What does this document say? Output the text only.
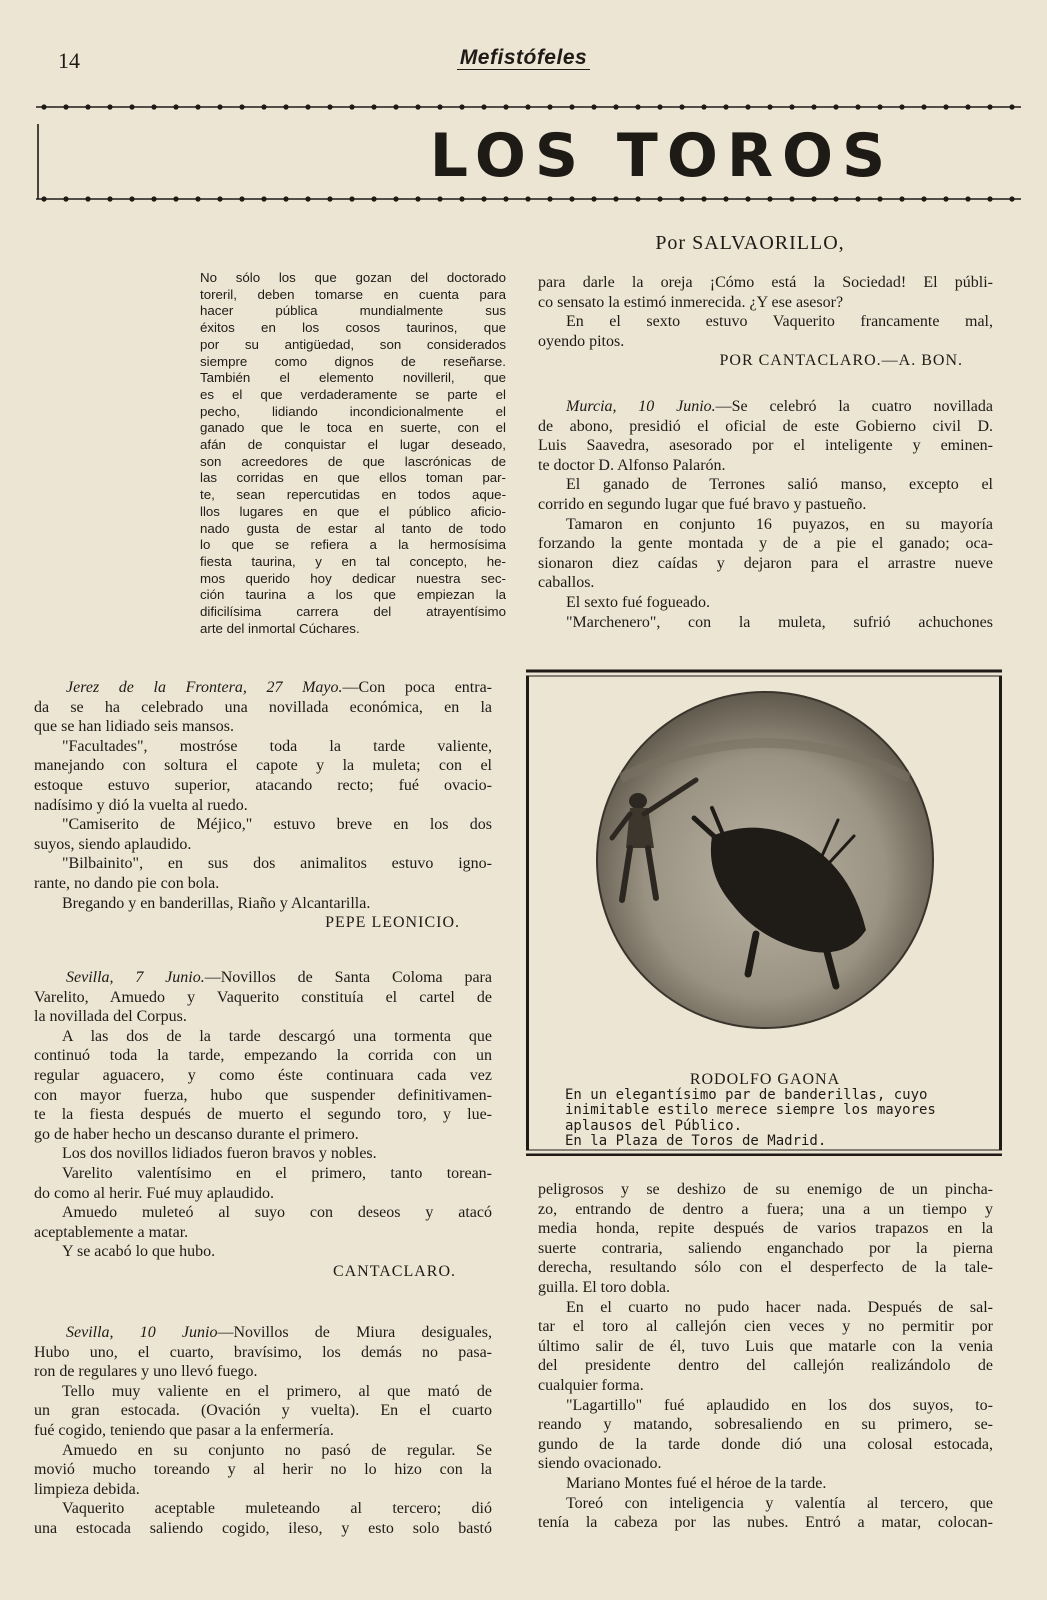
14	Mefistófeles
LOS TOROS
Por SALVAORILLO,
No sólo los que gozan del doctorado
toreril, deben tomarse en cuenta para
hacer pública mundialmente sus
éxitos en los cosos taurinos, que
por su antigüedad, son considerados
siempre como dignos de reseñarse.
También el elemento novilleril, que
es el que verdaderamente se parte el
pecho, lidiando incondicionalmente el
ganado que le toca en suerte, con el
afán de conquistar el lugar deseado,
son acreedores de que lascrónicas de
las corridas en que ellos toman par-
te, sean repercutidas en todos aque-
llos lugares en que el público aficio-
nado gusta de estar al tanto de todo
lo que se refiera a la hermosísima
fiesta taurina, y en tal concepto, he-
mos querido hoy dedicar nuestra sec-
ción taurina a los que empiezan la
dificilísima carrera del atrayentísimo
arte del inmortal Cúchares.
Jerez de la Frontera, 27 Mayo.—Con poca entra-
da se ha celebrado una novillada económica, en la
que se han lidiado seis mansos.
"Facultades", mostróse toda la tarde valiente,
manejando con soltura el capote y la muleta; con el
estoque estuvo superior, atacando recto; fué ovacio-
nadísimo y dió la vuelta al ruedo.
"Camiserito de Méjico," estuvo breve en los dos
suyos, siendo aplaudido.
"Bilbainito", en sus dos animalitos estuvo igno-
rante, no dando pie con bola.
Bregando y en banderillas, Riaño y Alcantarilla.
PEPE LEONICIO.
Sevilla, 7 Junio.—Novillos de Santa Coloma para
Varelito, Amuedo y Vaquerito constituía el cartel de
la novillada del Corpus.
A las dos de la tarde descargó una tormenta que
continuó toda la tarde, empezando la corrida con un
regular aguacero, y como éste continuara cada vez
con mayor fuerza, hubo que suspender definitivamen-
te la fiesta después de muerto el segundo toro, y lue-
go de haber hecho un descanso durante el primero.
Los dos novillos lidiados fueron bravos y nobles.
Varelito valentísimo en el primero, tanto torean-
do como al herir. Fué muy aplaudido.
Amuedo muleteó al suyo con deseos y atacó
aceptablemente a matar.
Y se acabó lo que hubo.
CANTACLARO.
Sevilla, 10 Junio—Novillos de Miura desiguales,
Hubo uno, el cuarto, bravísimo, los demás no pasa-
ron de regulares y uno llevó fuego.
Tello muy valiente en el primero, al que mató de
un gran estocada. (Ovación y vuelta). En el cuarto
fué cogido, teniendo que pasar a la enfermería.
Amuedo en su conjunto no pasó de regular. Se
movió mucho toreando y al herir no lo hizo con la
limpieza debida.
Vaquerito aceptable muleteando al tercero; dió
una estocada saliendo cogido, ileso, y esto solo bastó
para darle la oreja ¡Cómo está la Sociedad! El públi-
co sensato la estimó inmerecida. ¿Y ese asesor?
En el sexto estuvo Vaquerito francamente mal,
oyendo pitos.
POR CANTACLARO.—A. BON.
Murcia, 10 Junio.—Se celebró la cuatro novillada
de abono, presidió el oficial de este Gobierno civil D.
Luis Saavedra, asesorado por el inteligente y eminen-
te doctor D. Alfonso Palarón.
El ganado de Terrones salió manso, excepto el
corrido en segundo lugar que fué bravo y pastueño.
Tamaron en conjunto 16 puyazos, en su mayoría
forzando la gente montada y de a pie el ganado; oca-
sionaron diez caídas y dejaron para el arrastre nueve
caballos.
El sexto fué fogueado.
"Marchenero", con la muleta, sufrió achuchones
RODOLFO GAONA
En un elegantísimo par de banderillas, cuyo
inimitable estilo merece siempre los mayores
aplausos del Público.
En la Plaza de Toros de Madrid.
peligrosos y se deshizo de su enemigo de un pincha-
zo, entrando de dentro a fuera; una a un tiempo y
media honda, repite después de varios trapazos en la
suerte contraria, saliendo enganchado por la pierna
derecha, resultando sólo con el desperfecto de la tale-
guilla. El toro dobla.
En el cuarto no pudo hacer nada. Después de sal-
tar el toro al callejón cien veces y no permitir por
último salir de él, tuvo Luis que matarle con la venia
del presidente dentro del callejón realizándolo de
cualquier forma.
"Lagartillo" fué aplaudido en los dos suyos, to-
reando y matando, sobresaliendo en su primero, se-
gundo de la tarde donde dió una colosal estocada,
siendo ovacionado.
Mariano Montes fué el héroe de la tarde.
Toreó con inteligencia y valentía al tercero, que
tenía la cabeza por las nubes. Entró a matar, colocan-
